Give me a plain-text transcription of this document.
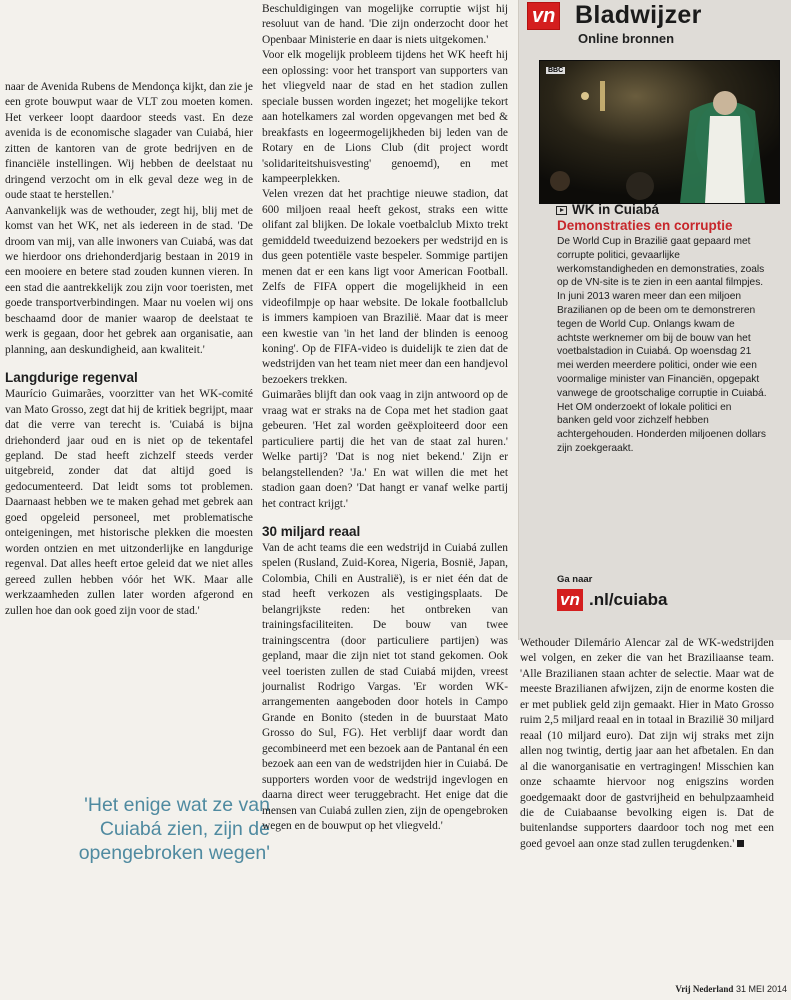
naar de Avenida Rubens de Mendonça kijkt, dan zie je een grote bouwput waar de VLT zou moeten komen. Het verkeer loopt daardoor steeds vast. En deze avenida is de economische slagader van Cuiabá, hier zitten de kantoren van de grote bedrijven en de financiële instellingen. Wij hebben de deelstaat nu dringend verzocht om in elk geval deze weg in de oude staat te herstellen.'

Aanvankelijk was de wethouder, zegt hij, blij met de komst van het WK, net als iedereen in de stad. 'De droom van mij, van alle inwoners van Cuiabá, was dat we hierdoor ons driehonderdjarig bestaan in 2019 in een mooiere en betere stad zouden kunnen vieren. In een stad die aantrekkelijk zou zijn voor toeristen, met goede transportverbindingen. Maar nu voelen wij ons beschaamd door de manier waarop de deelstaat te werk is gegaan, door het gebrek aan organisatie, aan planning, aan deskundigheid, aan kwaliteit.'

Langdurige regenval

Maurício Guimarães, voorzitter van het WK-comité van Mato Grosso, zegt dat hij de kritiek begrijpt, maar dat die verre van terecht is. 'Cuiabá is bijna driehonderd jaar oud en is niet op de tekentafel gepland. De stad heeft zichzelf steeds verder uitgebreid, zonder dat dat altijd goed is gedocumenteerd. Dat leidt soms tot problemen. Daarnaast hebben we te maken gehad met gebrek aan goed opgeleid personeel, met problematische onteigeningen, met historische plekken die moesten worden ontzien en met uitzonderlijke en langdurige regenval. Dat alles heeft ertoe geleid dat we niet alles gereed zullen hebben vóór het WK. Maar alle werkzaamheden zullen later worden afgerond en zullen hoe dan ook goed zijn voor de stad.'

'Het enige wat ze van Cuiabá zien, zijn de opengebroken wegen'

Beschuldigingen van mogelijke corruptie wijst hij resoluut van de hand. 'Die zijn onderzocht door het Openbaar Ministerie en daar is niets uitgekomen.'

Voor elk mogelijk probleem tijdens het WK heeft hij een oplossing: voor het transport van supporters van het vliegveld naar de stad en het stadion zullen speciale bussen worden ingezet; het mogelijke tekort aan hotelkamers zal worden opgevangen met bed & breakfasts en logeermogelijkheden bij leden van de Rotary en de Lions Club (dit project wordt 'solidariteitshuisvesting' genoemd), en met kampeerplekken.

Velen vrezen dat het prachtige nieuwe stadion, dat 600 miljoen reaal heeft gekost, straks een witte olifant zal blijken. De lokale voetbalclub Mixto trekt gemiddeld tweeduizend bezoekers per wedstrijd en is dus geen potentiële vaste bespeler. Sommige partijen menen dat er een kans ligt voor American Football. Zelfs de FIFA oppert die mogelijkheid in een videofilmpje op haar website. De lokale footballclub is immers kampioen van Brazilië. Maar dat is meer een kwestie van 'in het land der blinden is eenoog koning'. Op de FIFA-video is duidelijk te zien dat de wedstrijden van het team niet meer dan een handjevol bezoekers trekken.

Guimarães blijft dan ook vaag in zijn antwoord op de vraag wat er straks na de Copa met het stadion gaat gebeuren. 'Het zal worden geëxploiteerd door een particuliere partij die het van de staat zal huren.' Welke partij? 'Dat is nog niet bekend.' Zijn er belangstellenden? 'Ja.' En wat willen die met het stadion gaan doen? 'Dat hangt er vanaf welke partij het contract krijgt.'

30 miljard reaal

Van de acht teams die een wedstrijd in Cuiabá zullen spelen (Rusland, Zuid-Korea, Nigeria, Bosnië, Japan, Colombia, Chili en Australië), is er niet één dat de stad heeft verkozen als vestigingsplaats. De belangrijkste reden: het ontbreken van trainingsfaciliteiten. De bouw van twee trainingscentra (door particuliere partijen) was gepland, maar die zijn niet tot stand gekomen. Ook veel toeristen zullen de stad Cuiabá mijden, vreest journalist Rodrigo Vargas. 'Er worden WK-arrangementen aangeboden door hotels in Campo Grande en Bonito (steden in de buurstaat Mato Grosso do Sul, FG). Het verblijf daar wordt dan gecombineerd met een bezoek aan de Pantanal én een bezoek aan een van de wedstrijden hier in Cuiabá. De supporters worden voor de wedstrijd ingevlogen en daarna direct weer teruggebracht. Het enige dat die mensen van Cuiabá zullen zien, zijn de opengebroken wegen en de bouwput op het vliegveld.'

vn Bladwijzer
Online bronnen
BBC
WK in Cuiabá
Demonstraties en corruptie
De World Cup in Brazilië gaat gepaard met corrupte politici, gevaarlijke werkomstandigheden en demonstraties, zoals op de VN-site is te zien in een aantal filmpjes. In juni 2013 waren meer dan een miljoen Brazilianen op de been om te demonstreren tegen de World Cup. Onlangs kwam de achtste werknemer om bij de bouw van het voetbalstadion in Cuiabá. Op woensdag 21 mei werden meerdere politici, onder wie een voormalige minister van Financiën, opgepakt vanwege de grootschalige corruptie in Cuiabá. Het OM onderzoekt of lokale politici en banken geld voor zichzelf hebben achtergehouden. Honderden miljoenen dollars zijn zoekgeraakt.
Ga naar
vn .nl/cuiaba

Wethouder Dilemário Alencar zal de WK-wedstrijden wel volgen, en zeker die van het Braziliaanse team. 'Alle Brazilianen staan achter de selectie. Maar wat de meeste Brazilianen afwijzen, zijn de enorme kosten die er met publiek geld zijn gemaakt. Hier in Mato Grosso ruim 2,5 miljard reaal en in totaal in Brazilië 30 miljard reaal (10 miljard euro). Dat zijn wij straks met zijn allen nog twintig, dertig jaar aan het afbetalen. En dan al die wanorganisatie en vertragingen! Misschien kan onze schaamte hiervoor nog enigszins worden goedgemaakt door de gastvrijheid en behulpzaamheid die de Cuiabaanse bevolking eigen is. Dat de buitenlandse supporters daardoor toch nog met een goed gevoel aan onze stad zullen terugdenken.'

Vrij Nederland 31 MEI 2014
